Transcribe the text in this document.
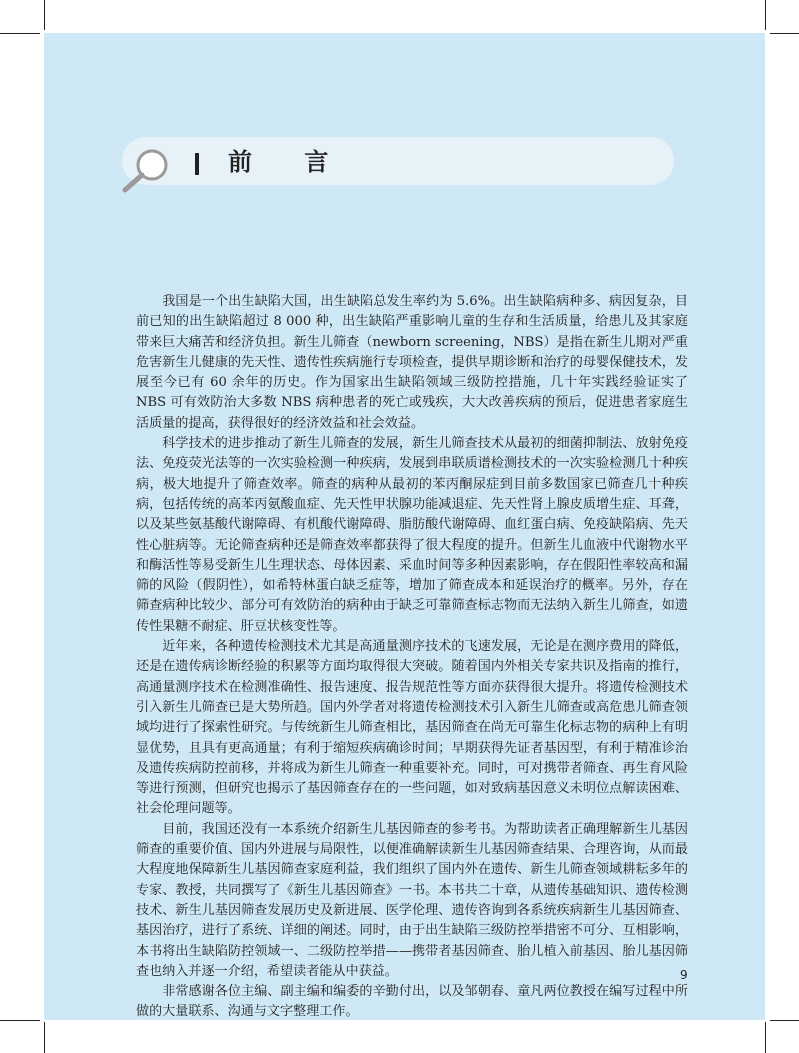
前 言

我国是一个出生缺陷大国，出生缺陷总发生率约为 5.6%。出生缺陷病种多、病因复杂，目前已知的出生缺陷超过 8 000 种，出生缺陷严重影响儿童的生存和生活质量，给患儿及其家庭带来巨大痛苦和经济负担。新生儿筛查（newborn screening，NBS）是指在新生儿期对严重危害新生儿健康的先天性、遗传性疾病施行专项检查，提供早期诊断和治疗的母婴保健技术，发展至今已有 60 余年的历史。作为国家出生缺陷领域三级防控措施，几十年实践经验证实了 NBS 可有效防治大多数 NBS 病种患者的死亡或残疾，大大改善疾病的预后，促进患者家庭生活质量的提高，获得很好的经济效益和社会效益。

科学技术的进步推动了新生儿筛查的发展，新生儿筛查技术从最初的细菌抑制法、放射免疫法、免疫荧光法等的一次实验检测一种疾病，发展到串联质谱检测技术的一次实验检测几十种疾病，极大地提升了筛查效率。筛查的病种从最初的苯丙酮尿症到目前多数国家已筛查几十种疾病，包括传统的高苯丙氨酸血症、先天性甲状腺功能减退症、先天性肾上腺皮质增生症、耳聋，以及某些氨基酸代谢障碍、有机酸代谢障碍、脂肪酸代谢障碍、血红蛋白病、免疫缺陷病、先天性心脏病等。无论筛查病种还是筛查效率都获得了很大程度的提升。但新生儿血液中代谢物水平和酶活性等易受新生儿生理状态、母体因素、采血时间等多种因素影响，存在假阳性率较高和漏筛的风险（假阴性），如希特林蛋白缺乏症等，增加了筛查成本和延误治疗的概率。另外，存在筛查病种比较少、部分可有效防治的病种由于缺乏可靠筛查标志物而无法纳入新生儿筛查，如遗传性果糖不耐症、肝豆状核变性等。

近年来，各种遗传检测技术尤其是高通量测序技术的飞速发展，无论是在测序费用的降低，还是在遗传病诊断经验的积累等方面均取得很大突破。随着国内外相关专家共识及指南的推行，高通量测序技术在检测准确性、报告速度、报告规范性等方面亦获得很大提升。将遗传检测技术引入新生儿筛查已是大势所趋。国内外学者对将遗传检测技术引入新生儿筛查或高危患儿筛查领域均进行了探索性研究。与传统新生儿筛查相比，基因筛查在尚无可靠生化标志物的病种上有明显优势，且具有更高通量；有利于缩短疾病确诊时间；早期获得先证者基因型，有利于精准诊治及遗传疾病防控前移，并将成为新生儿筛查一种重要补充。同时，可对携带者筛查、再生育风险等进行预测，但研究也揭示了基因筛查存在的一些问题，如对致病基因意义未明位点解读困难、社会伦理问题等。

目前，我国还没有一本系统介绍新生儿基因筛查的参考书。为帮助读者正确理解新生儿基因筛查的重要价值、国内外进展与局限性，以便准确解读新生儿基因筛查结果、合理咨询，从而最大程度地保障新生儿基因筛查家庭利益，我们组织了国内外在遗传、新生儿筛查领域耕耘多年的专家、教授，共同撰写了《新生儿基因筛查》一书。本书共二十章，从遗传基础知识、遗传检测技术、新生儿基因筛查发展历史及新进展、医学伦理、遗传咨询到各系统疾病新生儿基因筛查、基因治疗，进行了系统、详细的阐述。同时，由于出生缺陷三级防控举措密不可分、互相影响，本书将出生缺陷防控领域一、二级防控举措——携带者基因筛查、胎儿植入前基因、胎儿基因筛查也纳入并逐一介绍，希望读者能从中获益。

非常感谢各位主编、副主编和编委的辛勤付出，以及邹朝春、童凡两位教授在编写过程中所做的大量联系、沟通与文字整理工作。

9
